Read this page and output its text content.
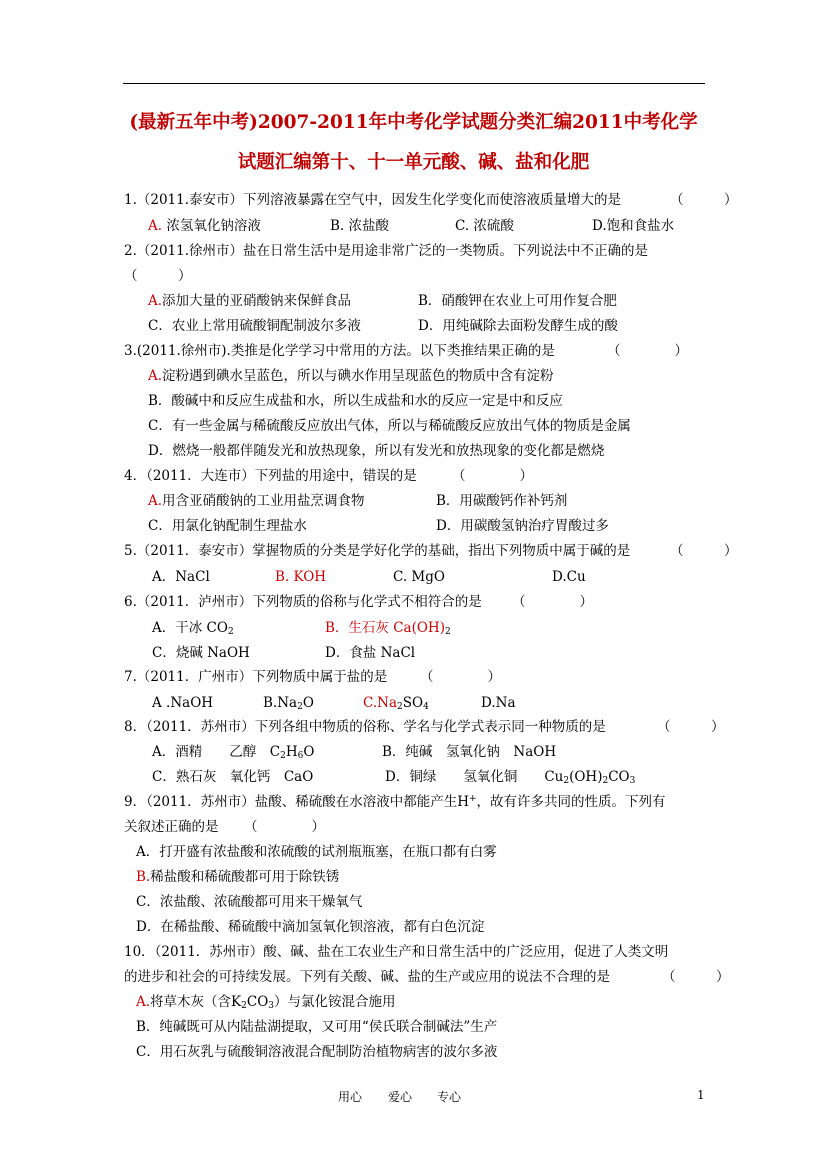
(最新五年中考)2007-2011年中考化学试题分类汇编2011中考化学
试题汇编第十、十一单元酸、碱、盐和化肥
1.（2011.泰安市）下列溶液暴露在空气中，因发生化学变化而使溶液质量增大的是	（　　　）
A. 浓氢氧化钠溶液	B. 浓盐酸	C. 浓硫酸	D.饱和食盐水
2.（2011.徐州市）盐在日常生活中是用途非常广泛的一类物质。下列说法中不正确的是
（　　　）
A.添加大量的亚硝酸钠来保鲜食品	B．硝酸钾在农业上可用作复合肥
C．农业上常用硫酸铜配制波尔多液	D．用纯碱除去面粉发酵生成的酸
3.(2011.徐州市).类推是化学学习中常用的方法。以下类推结果正确的是	（　　　　）
A.淀粉遇到碘水呈蓝色，所以与碘水作用呈现蓝色的物质中含有淀粉
B．酸碱中和反应生成盐和水，所以生成盐和水的反应一定是中和反应
C．有一些金属与稀硫酸反应放出气体，所以与稀硫酸反应放出气体的物质是金属
D．燃烧一般都伴随发光和放热现象，所以有发光和放热现象的变化都是燃烧
4．（2011．大连市）下列盐的用途中，错误的是	（　　　　）
A.用含亚硝酸钠的工业用盐烹调食物	B．用碳酸钙作补钙剂
C．用氯化钠配制生理盐水	D．用碳酸氢钠治疗胃酸过多
5.（2011．泰安市）掌握物质的分类是学好化学的基础，指出下列物质中属于碱的是	（　　　）
A．NaCl	B. KOH	C. MgO	D.Cu
6.（2011．泸州市）下列物质的俗称与化学式不相符合的是 （　　　　）
A．干冰 $CO_2$	B．生石灰 $Ca(OH)_2$
C．烧碱 NaOH	D．食盐 NaCl
7.（2011．广州市）下列物质中属于盐的是 （　　　　）
A .NaOH	$B.Na_2O$	$C.Na_2SO_4$	D.Na
8．（2011．苏州市）下列各组中物质的俗称、学名与化学式表示同一种物质的是	（　　　）
A．酒精　　乙醇　$C_2H_6O$	B．纯碱　氢氧化钠　NaOH
C．熟石灰　氧化钙　CaO	D．铜绿　　氢氧化铜　　$Cu_2(OH)_2CO_3$
9．（2011．苏州市）盐酸、稀硫酸在水溶液中都能产生H+，故有许多共同的性质。下列有
关叙述正确的是 （　　　　）
A．打开盛有浓盐酸和浓硫酸的试剂瓶瓶塞，在瓶口都有白雾
B.稀盐酸和稀硫酸都可用于除铁锈
C．浓盐酸、浓硫酸都可用来干燥氧气
D．在稀盐酸、稀硫酸中滴加氢氧化钡溶液，都有白色沉淀
10．（2011．苏州市）酸、碱、盐在工农业生产和日常生活中的广泛应用，促进了人类文明
的进步和社会的可持续发展。下列有关酸、碱、盐的生产或应用的说法不合理的是	（　　　）
A.将草木灰（含$K_2CO_3$）与氯化铵混合施用
B．纯碱既可从内陆盐湖提取，又可用“侯氏联合制碱法”生产
C．用石灰乳与硫酸铜溶液混合配制防治植物病害的波尔多液
用心 爱心 专心	1
